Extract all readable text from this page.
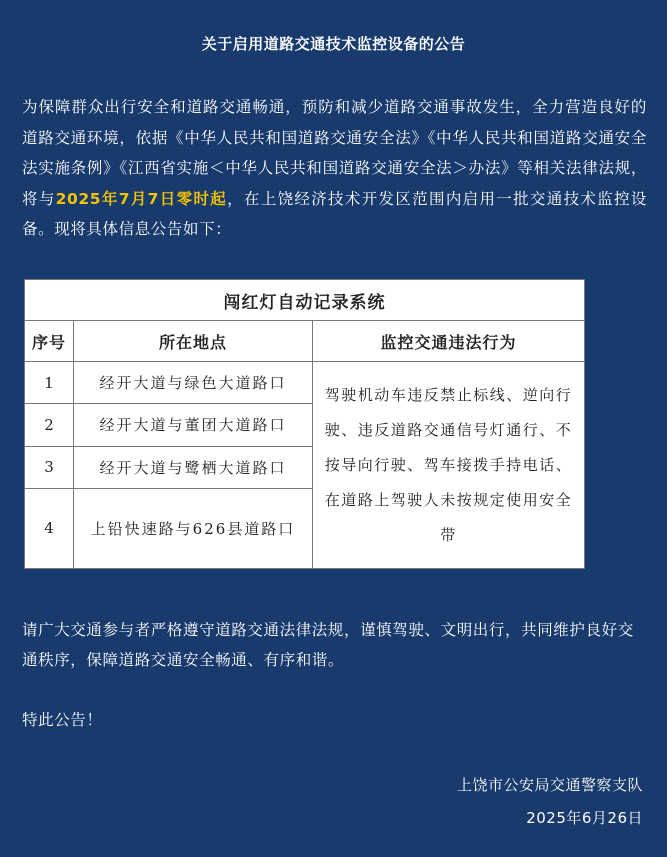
关于启用道路交通技术监控设备的公告
为保障群众出行安全和道路交通畅通，预防和减少道路交通事故发生，全力营造良好的道路交通环境，依据《中华人民共和国道路交通安全法》《中华人民共和国道路交通安全法实施条例》《江西省实施＜中华人民共和国道路交通安全法＞办法》等相关法律法规，将与2025年7月7日零时起，在上饶经济技术开发区范围内启用一批交通技术监控设备。现将具体信息公告如下：
闯红灯自动记录系统		
序号	所在地点	监控交通违法行为
1	经开大道与绿色大道路口	驾驶机动车违反禁止标线、逆向行驶、违反道路交通信号灯通行、不按导向行驶、驾车接拨手持电话、在道路上驾驶人未按规定使用安全带
2	经开大道与董团大道路口	
3	经开大道与鹭栖大道路口	
4	上铅快速路与626县道路口	
请广大交通参与者严格遵守道路交通法律法规，谨慎驾驶、文明出行，共同维护良好交通秩序，保障道路交通安全畅通、有序和谐。
特此公告！
上饶市公安局交通警察支队
2025年6月26日
